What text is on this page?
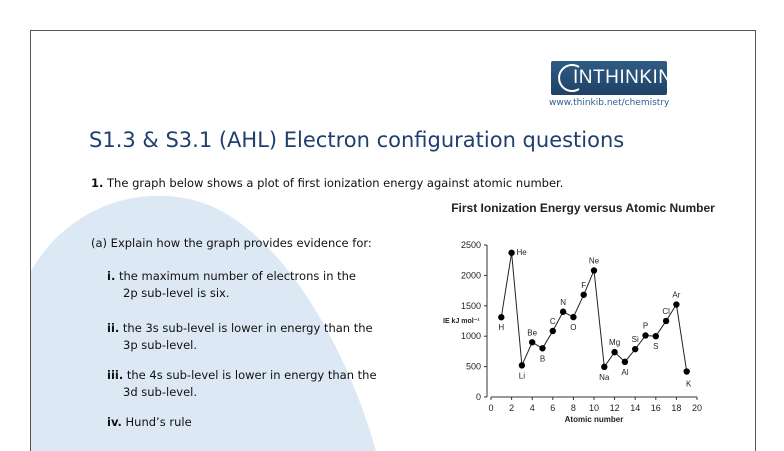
INTHINKING
www.thinkib.net/chemistry
S1.3 & S3.1 (AHL) Electron configuration questions
1. The graph below shows a plot of first ionization energy against atomic number.
(a) Explain how the graph provides evidence for:
i. the maximum number of electrons in the
2p sub-level is six.
ii. the 3s sub-level is lower in energy than the
3p sub-level.
iii. the 4s sub-level is lower in energy than the
3d sub-level.
iv. Hund’s rule
First Ionization Energy versus Atomic Number
0 2 4 6 8 10 12 14 16 18 20
0
500
1000
1500
2000
2500
Atomic number
IE kJ mol⁻¹
H
He
Li
Be
B
C
N
O
F
Ne
Na
Mg
Al
Si
P
S
Cl
Ar
K
